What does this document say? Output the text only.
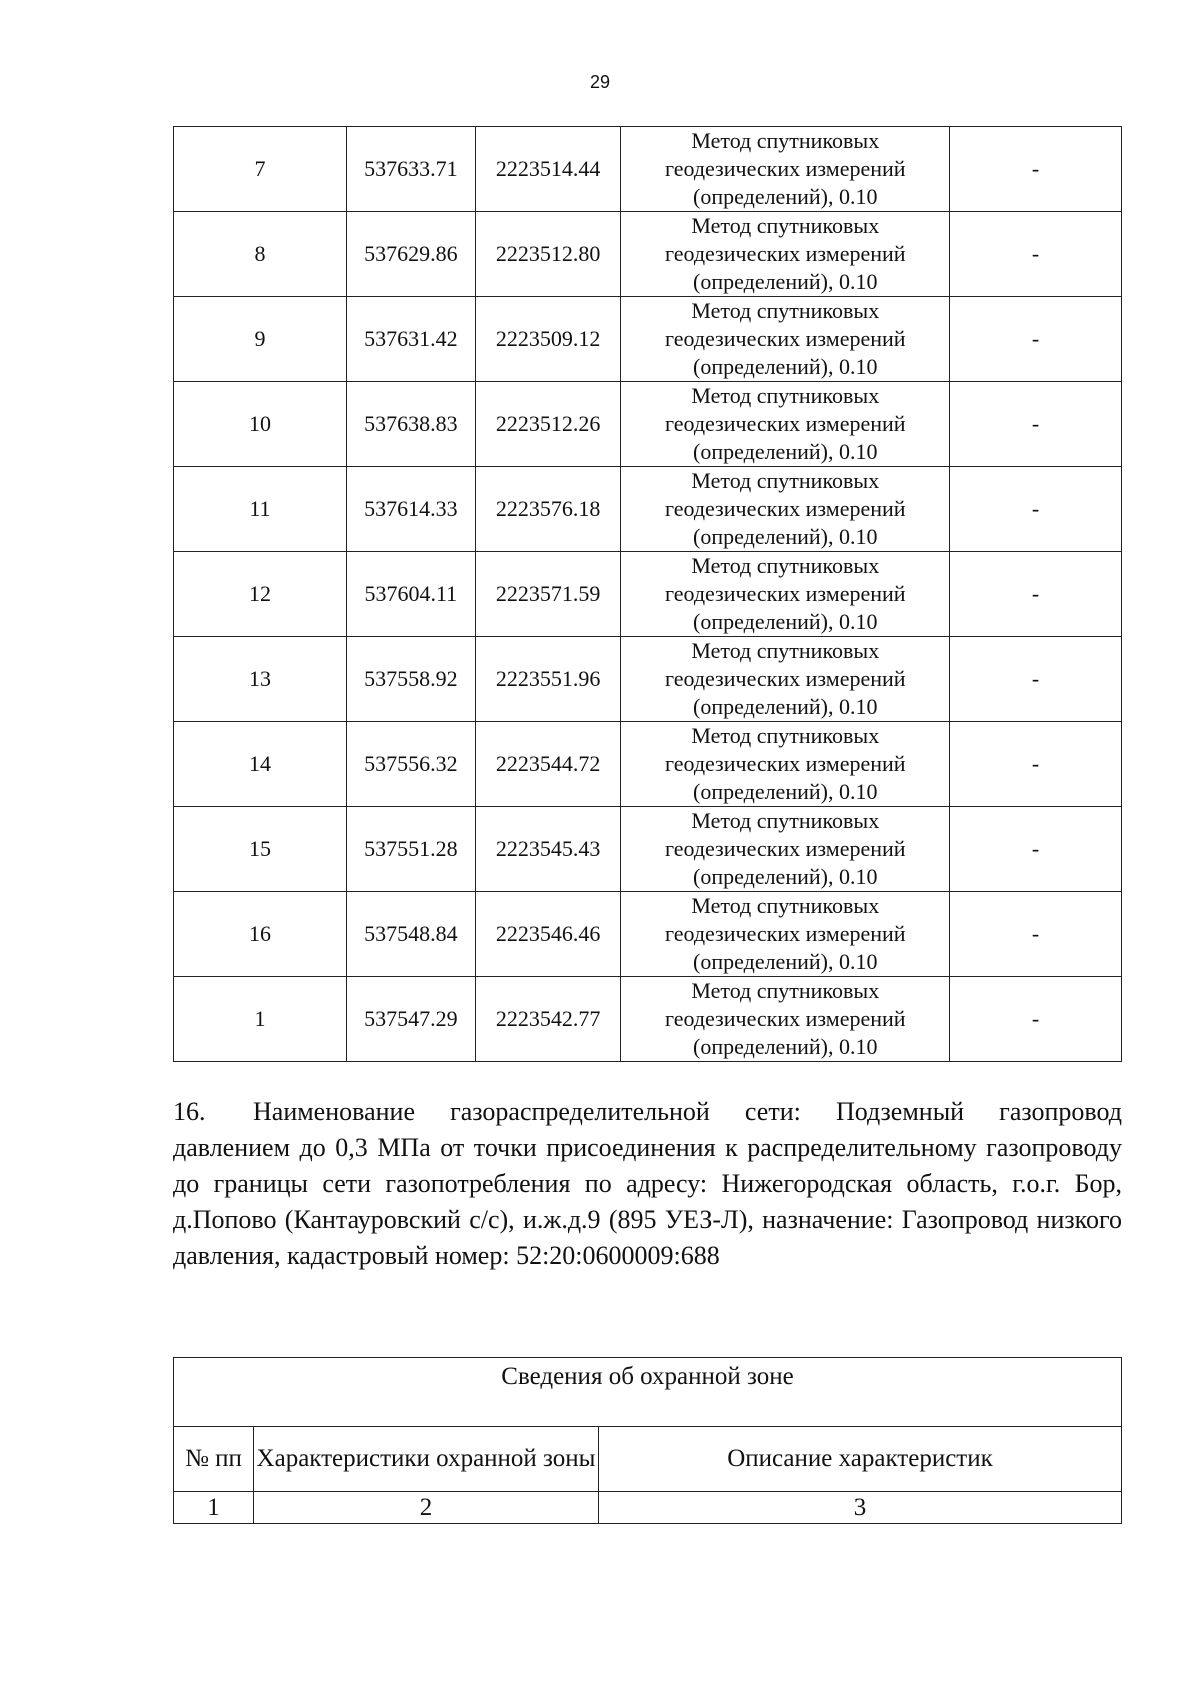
29
7	537633.71	2223514.44	Метод спутниковых
геодезических измерений
(определений), 0.10	-
8	537629.86	2223512.80	Метод спутниковых
геодезических измерений
(определений), 0.10	-
9	537631.42	2223509.12	Метод спутниковых
геодезических измерений
(определений), 0.10	-
10	537638.83	2223512.26	Метод спутниковых
геодезических измерений
(определений), 0.10	-
11	537614.33	2223576.18	Метод спутниковых
геодезических измерений
(определений), 0.10	-
12	537604.11	2223571.59	Метод спутниковых
геодезических измерений
(определений), 0.10	-
13	537558.92	2223551.96	Метод спутниковых
геодезических измерений
(определений), 0.10	-
14	537556.32	2223544.72	Метод спутниковых
геодезических измерений
(определений), 0.10	-
15	537551.28	2223545.43	Метод спутниковых
геодезических измерений
(определений), 0.10	-
16	537548.84	2223546.46	Метод спутниковых
геодезических измерений
(определений), 0.10	-
1	537547.29	2223542.77	Метод спутниковых
геодезических измерений
(определений), 0.10	-

16. Наименование газораспределительной сети: Подземный газопровод давлением до 0,3 МПа от точки присоединения к распределительному газопроводу до границы сети газопотребления по адресу: Нижегородская область, г.о.г. Бор, д.Попово (Кантауровский с/с), и.ж.д.9 (895 УЕЗ-Л), назначение: Газопровод низкого давления, кадастровый номер: 52:20:0600009:688

Сведения об охранной зоне		
№ пп	Характеристики охранной зоны	Описание характеристик
1	2	3
